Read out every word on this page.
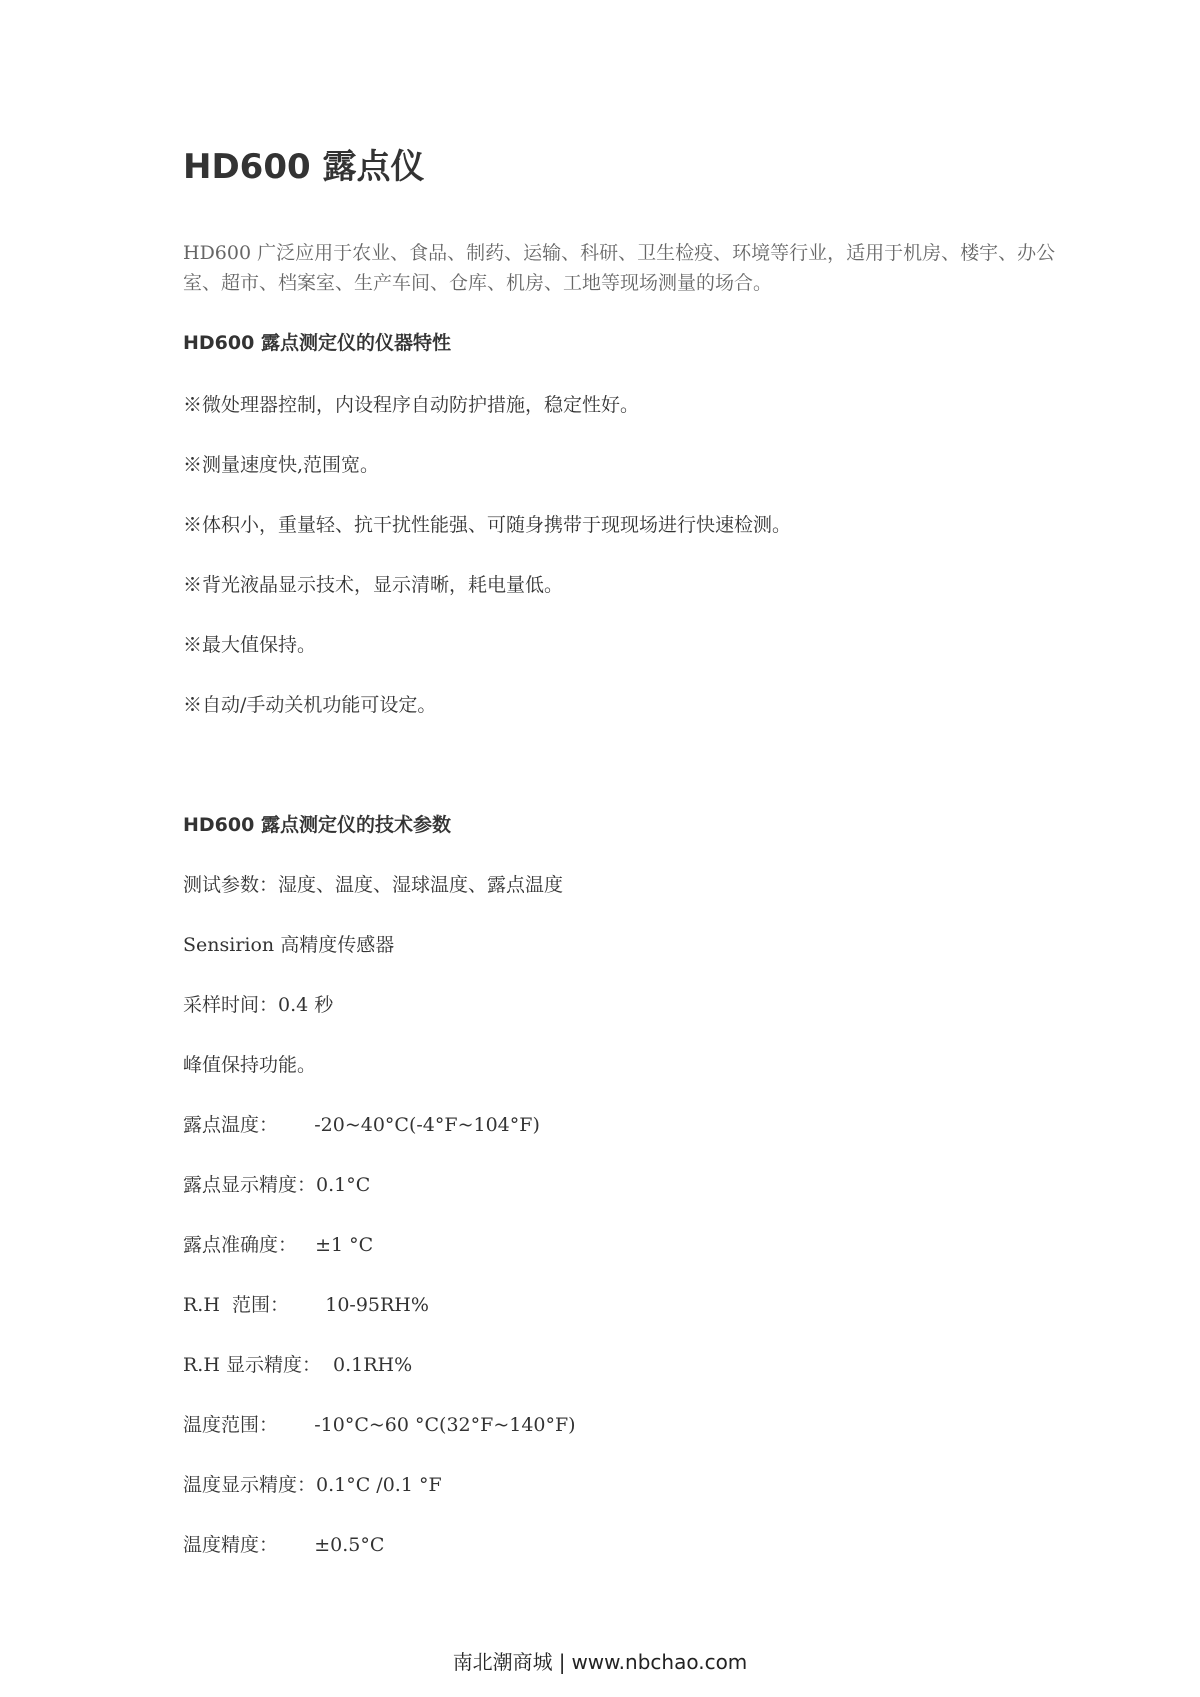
HD600 露点仪

HD600 广泛应用于农业、食品、制药、运输、科研、卫生检疫、环境等行业，适用于机房、楼宇、办公室、超市、档案室、生产车间、仓库、机房、工地等现场测量的场合。

HD600 露点测定仪的仪器特性

※微处理器控制，内设程序自动防护措施，稳定性好。

※测量速度快,范围宽。

※体积小，重量轻、抗干扰性能强、可随身携带于现现场进行快速检测。

※背光液晶显示技术，显示清晰，耗电量低。

※最大值保持。

※自动/手动关机功能可设定。

HD600 露点测定仪的技术参数

测试参数：湿度、温度、湿球温度、露点温度

Sensirion 高精度传感器

采样时间：0.4 秒

峰值保持功能。

露点温度：      -20~40°C(-4°F~104°F)

露点显示精度：0.1°C

露点准确度：   ±1 °C

R.H  范围：      10-95RH%

R.H 显示精度：  0.1RH%

温度范围：      -10°C~60 °C(32°F~140°F)

温度显示精度：0.1°C /0.1 °F

温度精度：      ±0.5°C

南北潮商城 | www.nbchao.com
